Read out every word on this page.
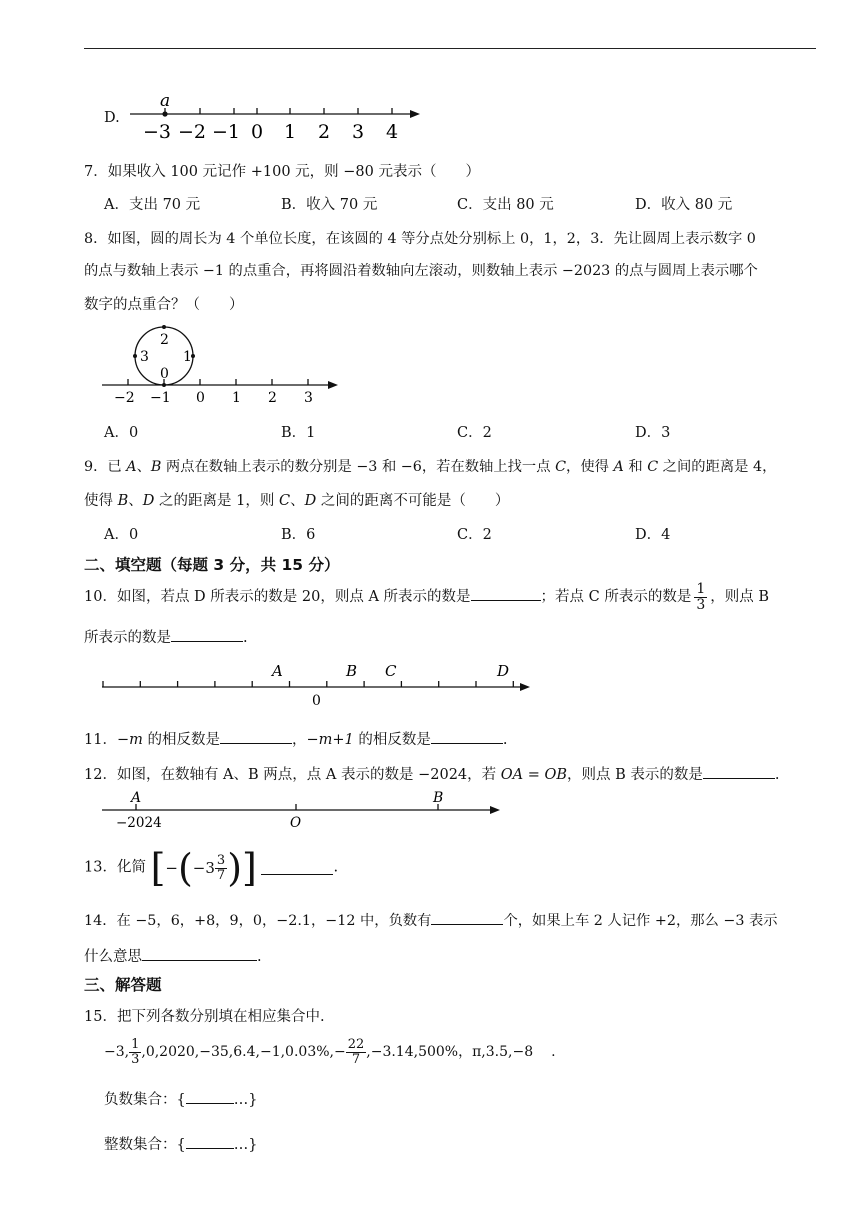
D.
a
−3 −2 −1 0 1 2 3 4
7．如果收入 100 元记作 +100 元，则 −80 元表示（　　）
A．支出 70 元	B．收入 70 元	C．支出 80 元	D．收入 80 元
8．如图，圆的周长为 4 个单位长度，在该圆的 4 等分点处分别标上 0，1，2，3．先让圆周上表示数字 0
的点与数轴上表示 −1 的点重合，再将圆沿着数轴向左滚动，则数轴上表示 −2023 的点与圆周上表示哪个
数字的点重合？（　　）
2
1
3
0
−2 −1 0 1 2 3
A．0	B．1	C．2	D．3
9．已 A、B 两点在数轴上表示的数分别是 −3 和 −6，若在数轴上找一点 C，使得 A 和 C 之间的距离是 4，
使得 B、D 之的距离是 1，则 C、D 之间的距离不可能是（　　）
A．0	B．6	C．2	D．4
二、填空题（每题 3 分，共 15 分）
10．如图，若点 D 所表示的数是 20，则点 A 所表示的数是	；若点 C 所表示的数是 $\frac{1}{3}$ ，则点 B
所表示的数是	.
A	B C	D
0
11．−m 的相反数是	，−m+1 的相反数是	.
12．如图，在数轴有 A、B 两点，点 A 表示的数是 −2024，若 OA = OB，则点 B 表示的数是	.
A	B
−2024	O
13．化简 [$-(-3 \frac{3}{7}$ )]	.
14．在 −5，6，+8，9，0，−2.1，−12 中，负数有	个，如果上车 2 人记作 +2，那么 −3 表示
什么意思	.
三、解答题
15．把下列各数分别填在相应集合中.
−3, $\frac{1}{3} ,0,2020,-35,6.4,-1,0.03\%,- \frac{22}{7} ,-3.14,500\%$，π,3.5,−8 .
负数集合：{	…}
整数集合：{	…}
